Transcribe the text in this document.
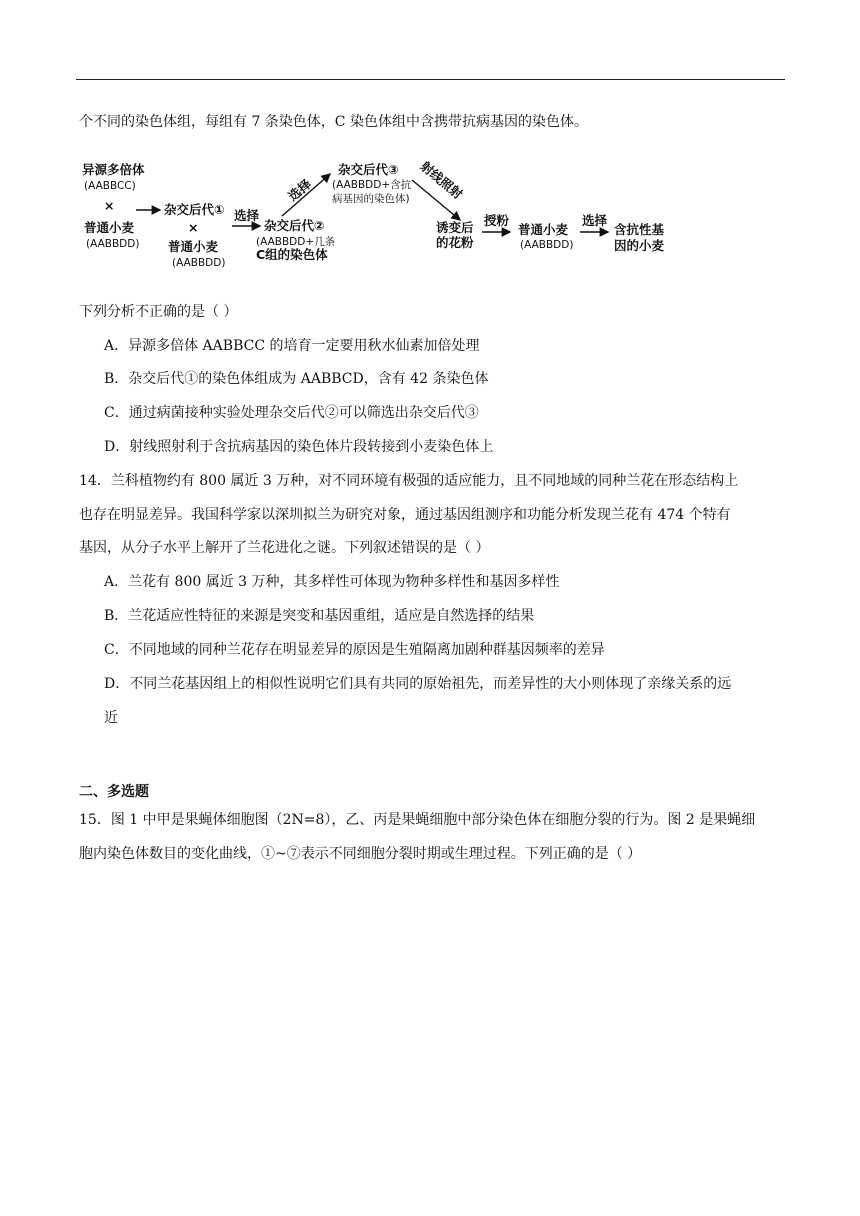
个不同的染色体组，每组有 7 条染色体，C 染色体组中含携带抗病基因的染色体。
异源多倍体
(AABBCC)
×
普通小麦
(AABBDD)
杂交后代①
×
普通小麦
(AABBDD)
选择
杂交后代②
(AABBDD+几条
C组的染色体
选择
杂交后代③
(AABBDD+含抗
病基因的染色体) 射线照射
诱变后
的花粉
授粉
普通小麦
(AABBDD)
选择
含抗性基
因的小麦
下列分析不正确的是（ ）
A．异源多倍体 AABBCC 的培育一定要用秋水仙素加倍处理
B．杂交后代①的染色体组成为 AABBCD，含有 42 条染色体
C．通过病菌接种实验处理杂交后代②可以筛选出杂交后代③
D．射线照射利于含抗病基因的染色体片段转接到小麦染色体上
14．兰科植物约有 800 属近 3 万种，对不同环境有极强的适应能力，且不同地域的同种兰花在形态结构上
也存在明显差异。我国科学家以深圳拟兰为研究对象，通过基因组测序和功能分析发现兰花有 474 个特有
基因，从分子水平上解开了兰花进化之谜。下列叙述错误的是（ ）
A．兰花有 800 属近 3 万种，其多样性可体现为物种多样性和基因多样性
B．兰花适应性特征的来源是突变和基因重组，适应是自然选择的结果
C．不同地域的同种兰花存在明显差异的原因是生殖隔离加剧种群基因频率的差异
D．不同兰花基因组上的相似性说明它们具有共同的原始祖先，而差异性的大小则体现了亲缘关系的远
近
二、多选题
15．图 1 中甲是果蝇体细胞图（2N=8），乙、丙是果蝇细胞中部分染色体在细胞分裂的行为。图 2 是果蝇细
胞内染色体数目的变化曲线，①~⑦表示不同细胞分裂时期或生理过程。下列正确的是（ ）
